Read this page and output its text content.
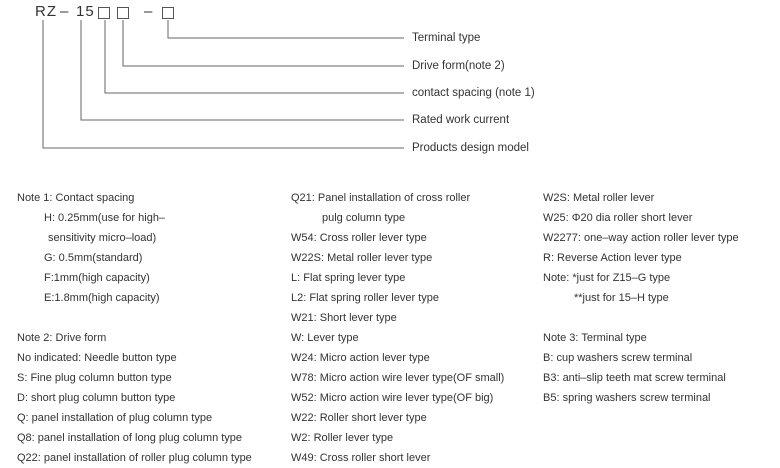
RZ – 15	–
Terminal type
Drive form(note 2)
contact spacing (note 1)
Rated work current
Products design model
Note 1: Contact spacing
H: 0.25mm(use for high–
sensitivity micro–load)
G: 0.5mm(standard)
F:1mm(high capacity)
E:1.8mm(high capacity)
Note 2: Drive form
No indicated: Needle button type
S: Fine plug column button type
D: short plug column button type
Q: panel installation of plug column type
Q8: panel installation of long plug column type
Q22: panel installation of roller plug column type
Q21: Panel installation of cross roller
pulg column type
W54: Cross roller lever type
W22S: Metal roller lever type
L: Flat spring lever type
L2: Flat spring roller lever type
W21: Short lever type
W: Lever type
W24: Micro action lever type
W78: Micro action wire lever type(OF small)
W52: Micro action wire lever type(OF big)
W22: Roller short lever type
W2: Roller lever type
W49: Cross roller short lever
W2S: Metal roller lever
W25: Φ20 dia roller short lever
W2277: one–way action roller lever type
R: Reverse Action lever type
Note: *just for Z15–G type
**just for 15–H type
Note 3: Terminal type
B: cup washers screw terminal
B3: anti–slip teeth mat screw terminal
B5: spring washers screw terminal
